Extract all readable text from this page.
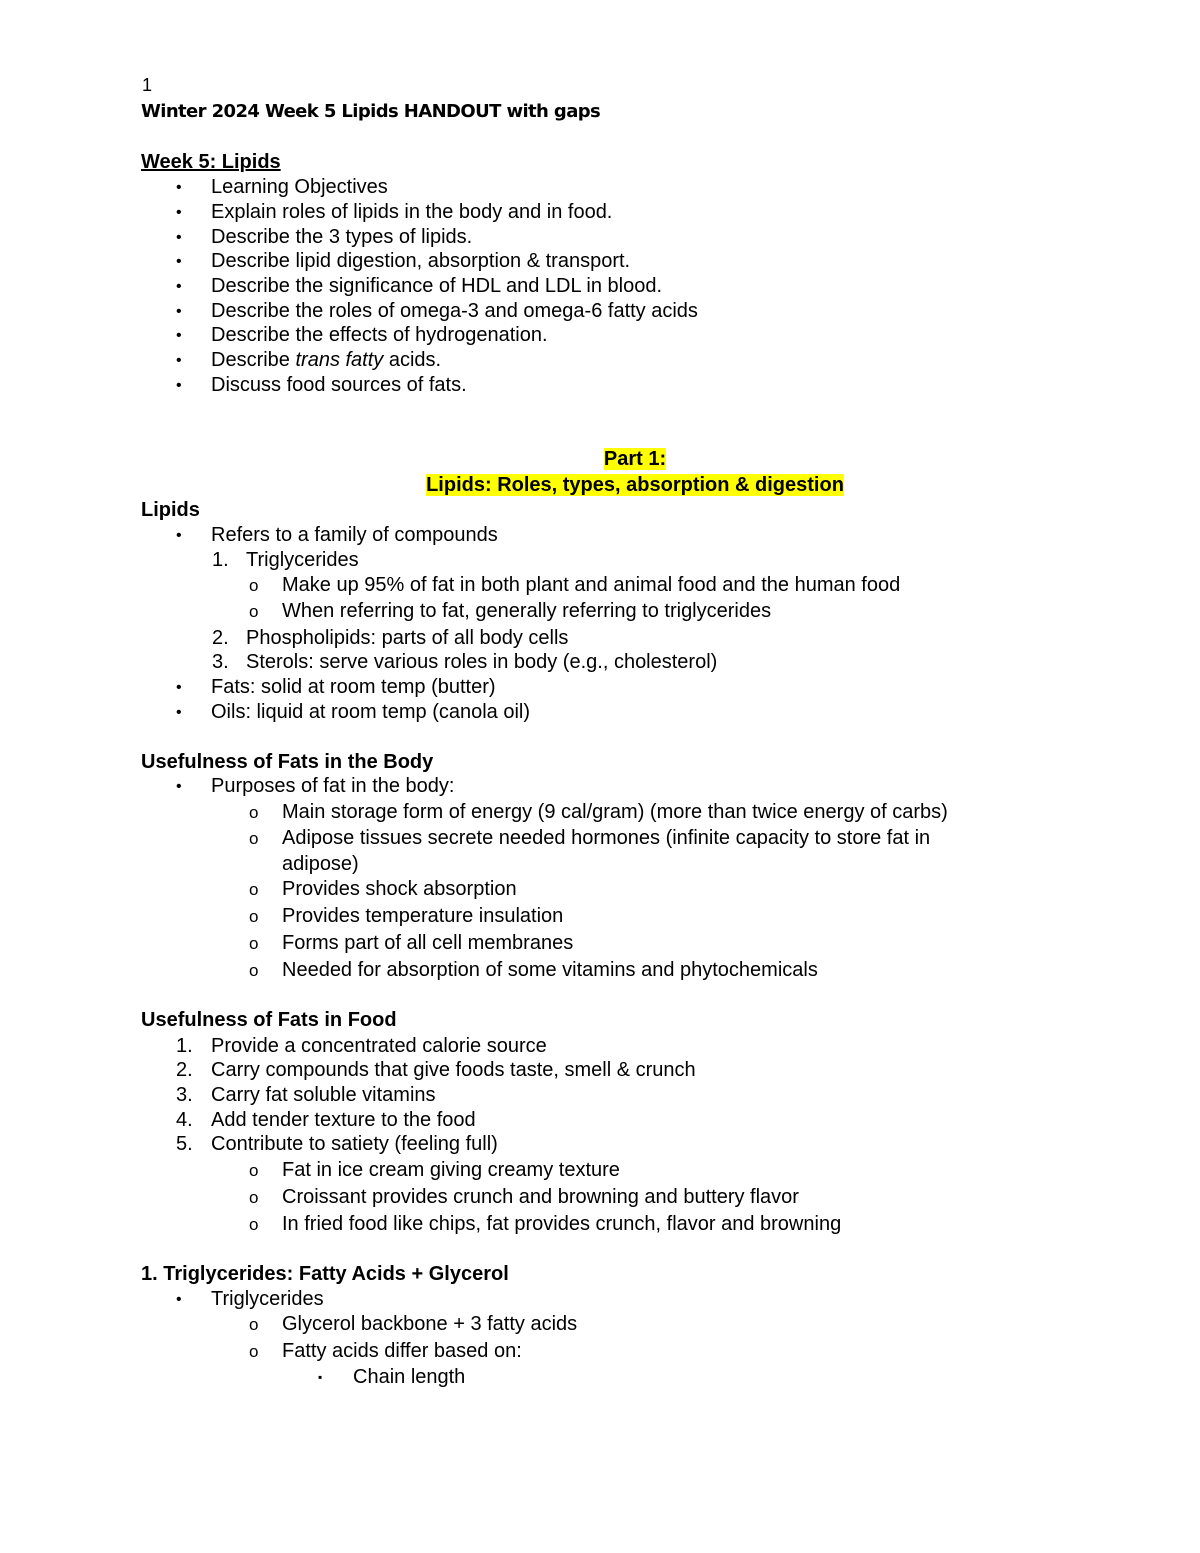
1
Winter 2024 Week 5 Lipids HANDOUT with gaps
Week 5: Lipids
• Learning Objectives
• Explain roles of lipids in the body and in food.
• Describe the 3 types of lipids.
• Describe lipid digestion, absorption & transport.
• Describe the significance of HDL and LDL in blood.
• Describe the roles of omega-3 and omega-6 fatty acids
• Describe the effects of hydrogenation.
• Describe trans fatty acids.
• Discuss food sources of fats.
Part 1:
Lipids: Roles, types, absorption & digestion
Lipids
• Refers to a family of compounds
1. Triglycerides
o Make up 95% of fat in both plant and animal food and the human food
o When referring to fat, generally referring to triglycerides
2. Phospholipids: parts of all body cells
3. Sterols: serve various roles in body (e.g., cholesterol)
• Fats: solid at room temp (butter)
• Oils: liquid at room temp (canola oil)
Usefulness of Fats in the Body
• Purposes of fat in the body:
o Main storage form of energy (9 cal/gram) (more than twice energy of carbs)
o Adipose tissues secrete needed hormones (infinite capacity to store fat in
adipose)
o Provides shock absorption
o Provides temperature insulation
o Forms part of all cell membranes
o Needed for absorption of some vitamins and phytochemicals
Usefulness of Fats in Food
1. Provide a concentrated calorie source
2. Carry compounds that give foods taste, smell & crunch
3. Carry fat soluble vitamins
4. Add tender texture to the food
5. Contribute to satiety (feeling full)
o Fat in ice cream giving creamy texture
o Croissant provides crunch and browning and buttery flavor
o In fried food like chips, fat provides crunch, flavor and browning
1. Triglycerides: Fatty Acids + Glycerol
• Triglycerides
o Glycerol backbone + 3 fatty acids
o Fatty acids differ based on:
▪ Chain length
